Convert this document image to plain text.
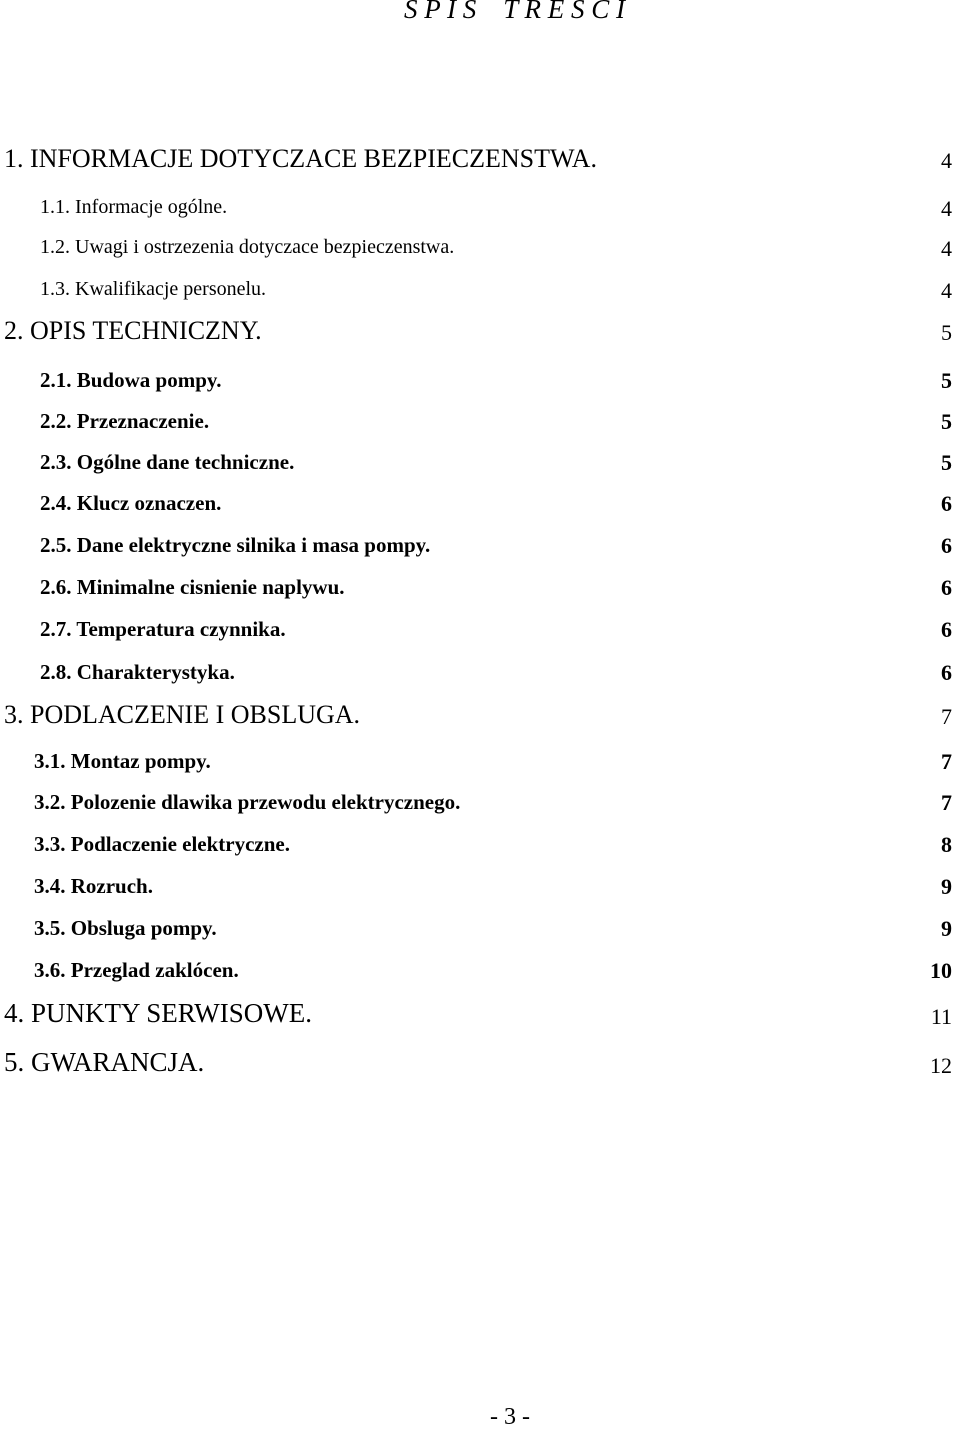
S P I S    T R E S C I
1. INFORMACJE DOTYCZACE BEZPIECZENSTWA.	4
1.1. Informacje ogólne.	4
1.2. Uwagi i ostrzezenia dotyczace bezpieczenstwa.	4
1.3. Kwalifikacje personelu.	4
2. OPIS TECHNICZNY.	5
2.1. Budowa pompy.	5
2.2. Przeznaczenie.	5
2.3. Ogólne dane techniczne.	5
2.4. Klucz oznaczen.	6
2.5. Dane elektryczne silnika i masa pompy.	6
2.6. Minimalne cisnienie naplywu.	6
2.7. Temperatura czynnika.	6
2.8. Charakterystyka.	6
3. PODLACZENIE I OBSLUGA.	7
3.1. Montaz pompy.	7
3.2. Polozenie dlawika przewodu elektrycznego.	7
3.3. Podlaczenie elektryczne.	8
3.4. Rozruch.	9
3.5. Obsluga pompy.	9
3.6. Przeglad zaklócen.	10
4. PUNKTY SERWISOWE.	11
5. GWARANCJA.	12
- 3 -
